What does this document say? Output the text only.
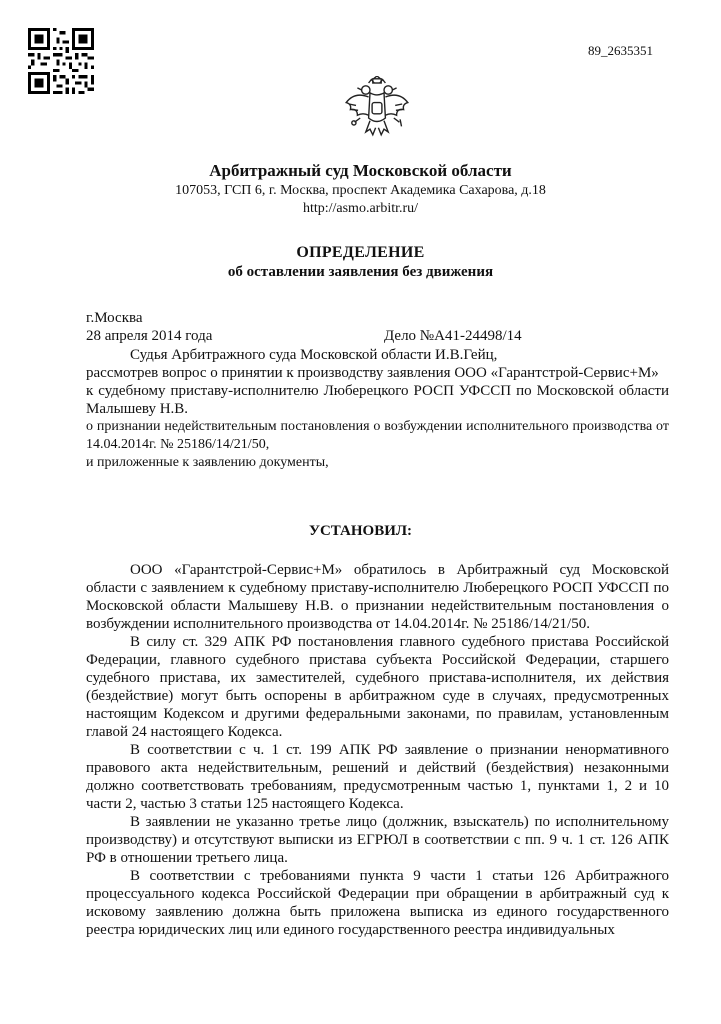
89_2635351
Арбитражный суд Московской области
107053, ГСП 6, г. Москва, проспект Академика Сахарова, д.18
http://asmo.arbitr.ru/
ОПРЕДЕЛЕНИЕ
об оставлении заявления без движения
г.Москва
28 апреля 2014 года	Дело №А41-24498/14

Судья Арбитражного суда Московской области И.В.Гейц,

рассмотрев вопрос о принятии к производству заявления ООО «Гарантстрой-Сервис+М»

к судебному приставу-исполнителю Люберецкого РОСП УФССП по Московской области Малышеву Н.В.

о признании недействительным постановления о возбуждении исполнительного производства от 14.04.2014г. № 25186/14/21/50,

и приложенные к заявлению документы,

УСТАНОВИЛ:

ООО «Гарантстрой-Сервис+М» обратилось в Арбитражный суд Московской области с заявлением к судебному приставу-исполнителю Люберецкого РОСП УФССП по Московской области Малышеву Н.В. о признании недействительным постановления о возбуждении исполнительного производства от 14.04.2014г. № 25186/14/21/50.

В силу ст. 329 АПК РФ постановления главного судебного пристава Российской Федерации, главного судебного пристава субъекта Российской Федерации, старшего судебного пристава, их заместителей, судебного пристава-исполнителя, их действия (бездействие) могут быть оспорены в арбитражном суде в случаях, предусмотренных настоящим Кодексом и другими федеральными законами, по правилам, установленным главой 24 настоящего Кодекса.

В соответствии с ч. 1 ст. 199 АПК РФ заявление о признании ненормативного правового акта недействительным, решений и действий (бездействия) незаконными должно соответствовать требованиям, предусмотренным частью 1, пунктами 1, 2 и 10 части 2, частью 3 статьи 125 настоящего Кодекса.

В заявлении не указанно третье лицо (должник, взыскатель) по исполнительному производству) и отсутствуют выписки из ЕГРЮЛ в соответствии с пп. 9 ч. 1 ст. 126 АПК РФ в отношении третьего лица.

В соответствии с требованиями пункта 9 части 1 статьи 126 Арбитражного процессуального кодекса Российской Федерации при обращении в арбитражный суд к исковому заявлению должна быть приложена выписка из единого государственного реестра юридических лиц или единого государственного реестра индивидуальных
